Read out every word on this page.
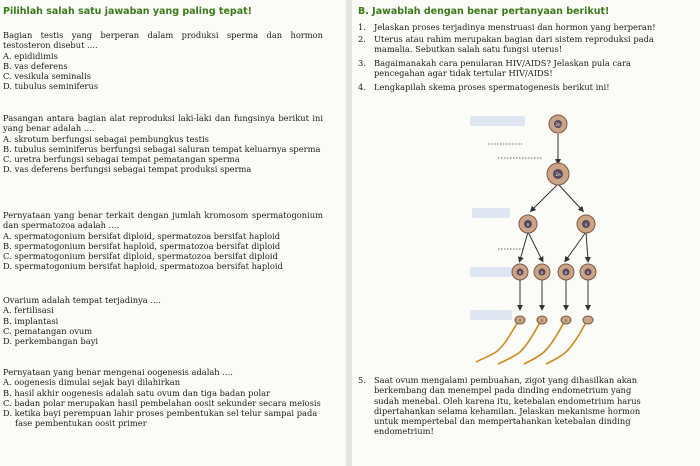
Pilihlah salah satu jawaban yang paling tepat!

Bagian testis yang berperan dalam produksi sperma dan hormon testosteron disebut ....

A. epididimis
B. vas deferens
C. vesikula seminalis
D. tubulus seminiferus

Pasangan antara bagian alat reproduksi laki-laki dan fungsinya berikut ini yang benar adalah ....

A. skrotum berfungsi sebagai pembungkus testis
B. tubulus seminiferus berfungsi sebagai saluran tempat keluarnya sperma
C. uretra berfungsi sebagai tempat pematangan sperma
D. vas deferens berfungsi sebagai tempat produksi sperma

Pernyataan yang benar terkait dengan jumlah kromosom spermatogonium dan spermatozoa adalah ....

A. spermatogonium bersifat diploid, spermatozoa bersifat haploid
B. spermatogonium bersifat haploid, spermatozoa bersifat diploid
C. spermatogonium bersifat diploid, spermatozoa bersifat diploid
D. spermatogonium bersifat haploid, spermatozoa bersifat haploid

Ovarium adalah tempat terjadinya ....

A. fertilisasi
B. implantasi
C. pematangan ovum
D. perkembangan bayi

Pernyataan yang benar mengenai oogenesis adalah ....

A. oogenesis dimulai sejak bayi dilahirkan
B. hasil akhir oogenesis adalah satu ovum dan tiga badan polar
C. badan polar merupakan hasil pembelahan oosit sekunder secara meiosis
D. ketika bayi perempuan lahir proses pembentukan sel telur sampai pada fase pembentukan oosit primer
B. Jawablah dengan benar pertanyaan berikut!
1. Jelaskan proses terjadinya menstruasi dan hormon yang berperan!
2. Uterus atau rahim merupakan bagian dari sistem reproduksi pada
mamalia. Sebutkan salah satu fungsi uterus!
3. Bagaimanakah cara penularan HIV/AIDS? Jelaskan pula cara
pencegahan agar tidak tertular HIV/AIDS!
4. Lengkapilah skema proses spermatogenesis berikut ini!
2n
2n
n	n
n	n	n	n
n	n	n
5. Saat ovum mengalami pembuahan, zigot yang dihasilkan akan
berkembang dan menempel pada dinding endometrium yang
sudah menebal. Oleh karena itu, ketebalan endometrium harus
dipertahankan selama kehamilan. Jelaskan mekanisme hormon
untuk mempertebal dan mempertahankan ketebalan dinding
endometrium!
